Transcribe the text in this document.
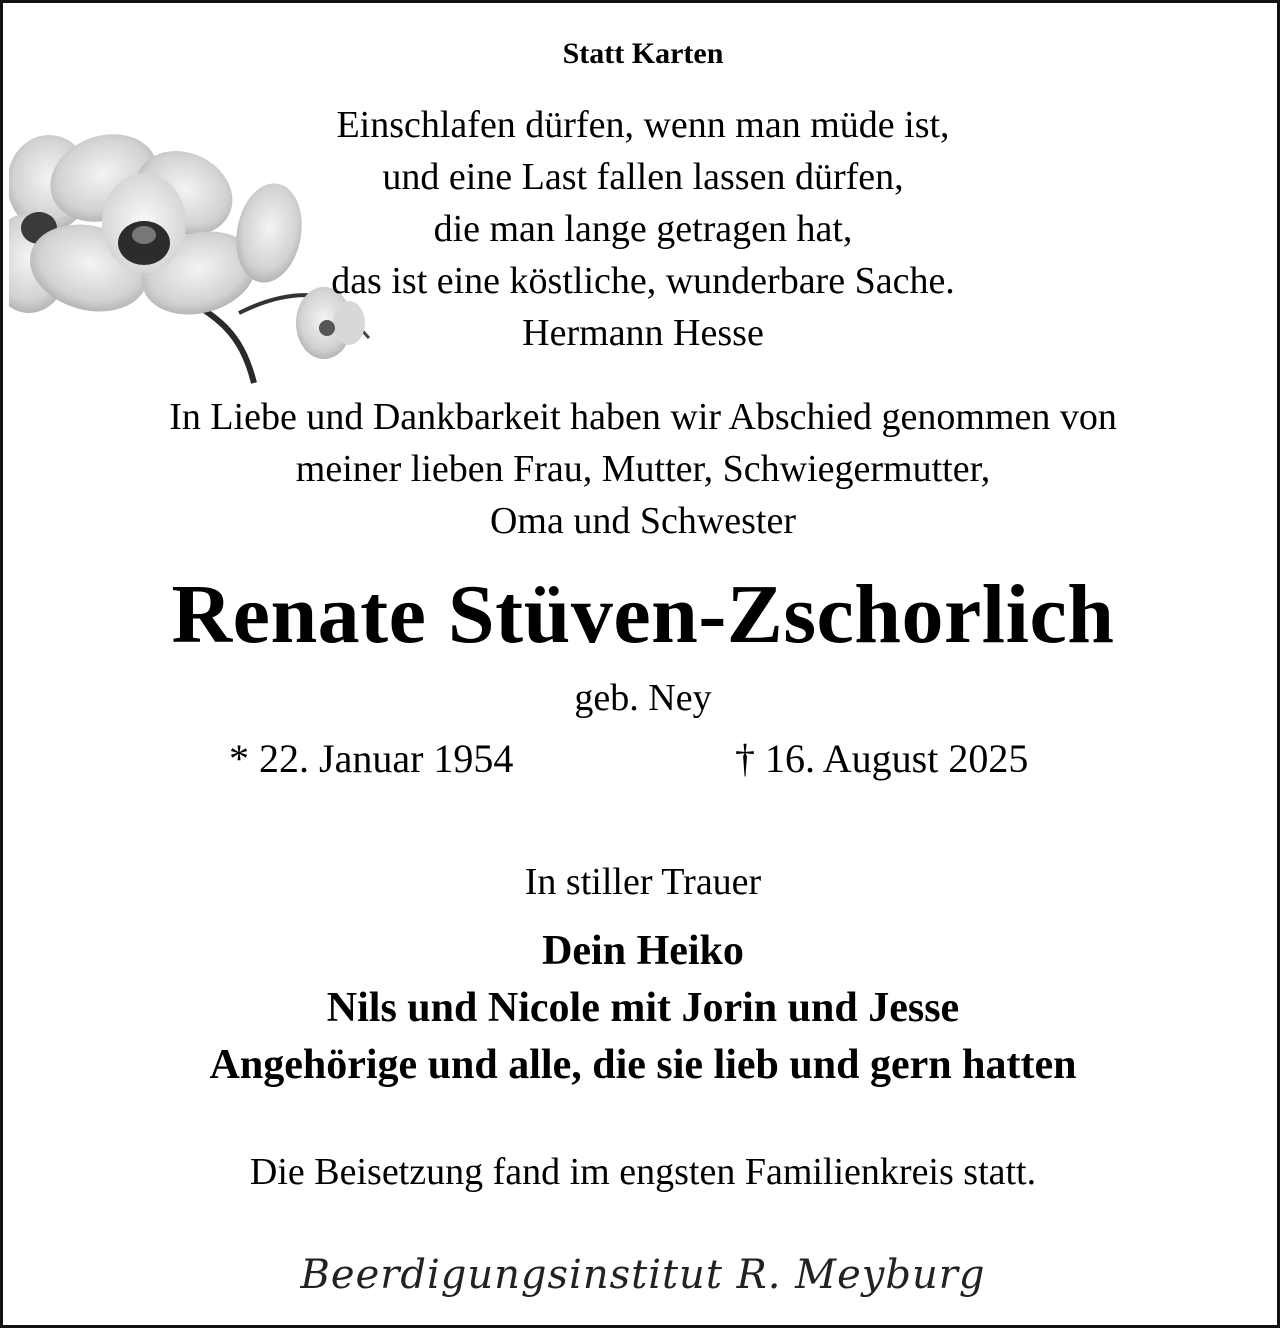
Statt Karten
Einschlafen dürfen, wenn man müde ist,
und eine Last fallen lassen dürfen,
die man lange getragen hat,
das ist eine köstliche, wunderbare Sache.
Hermann Hesse
In Liebe und Dankbarkeit haben wir Abschied genommen von
meiner lieben Frau, Mutter, Schwiegermutter,
Oma und Schwester
Renate Stüven-Zschorlich
geb. Ney
* 22. Januar 1954	† 16. August 2025
In stiller Trauer
Dein Heiko
Nils und Nicole mit Jorin und Jesse
Angehörige und alle, die sie lieb und gern hatten
Die Beisetzung fand im engsten Familienkreis statt.
Beerdigungsinstitut R. Meyburg
